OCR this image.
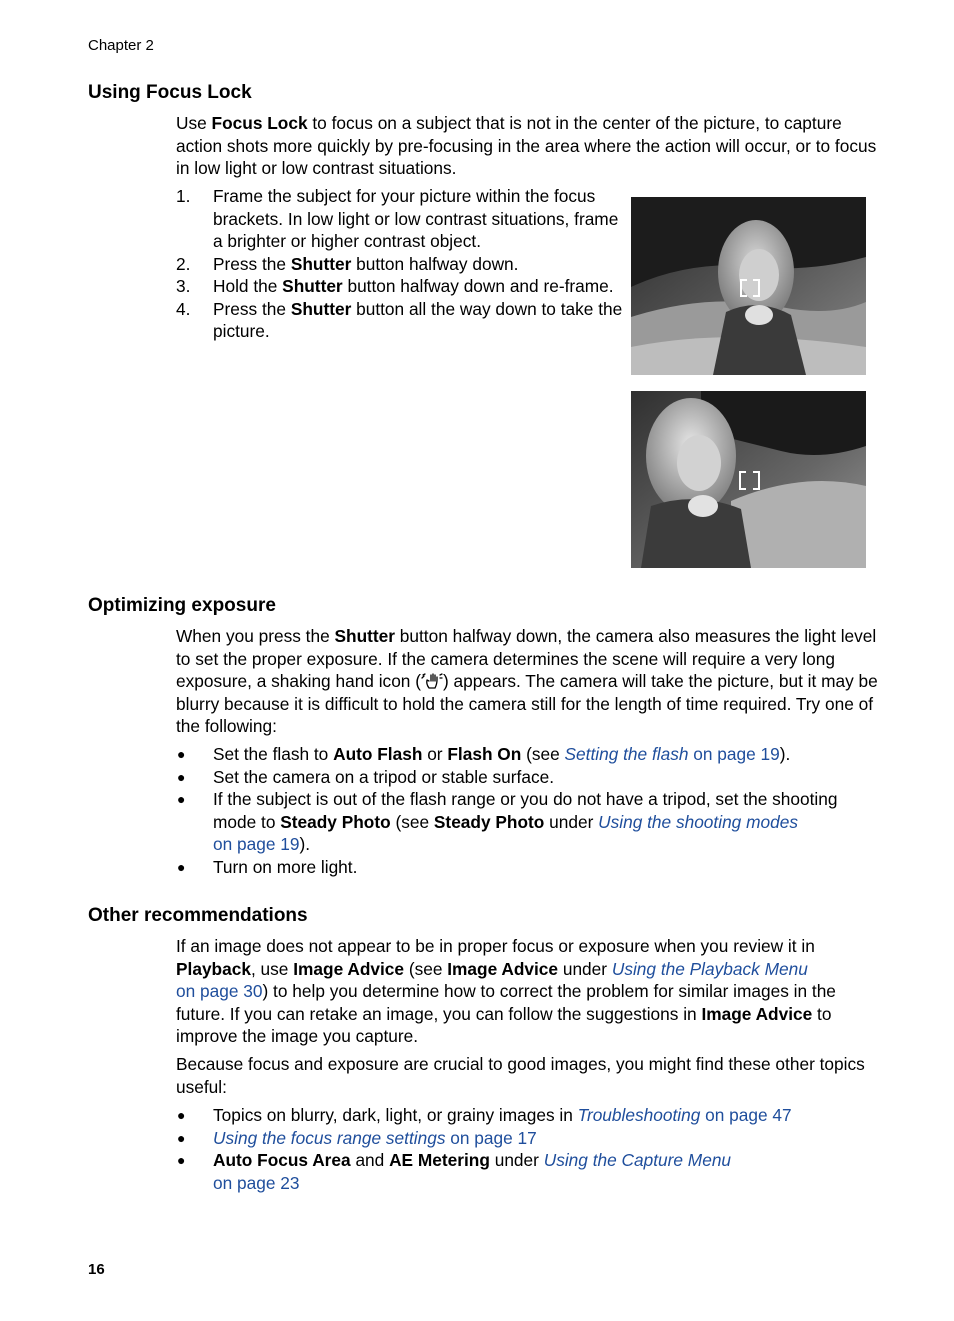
Chapter 2
Using Focus Lock

Use Focus Lock to focus on a subject that is not in the center of the picture, to capture action shots more quickly by pre-focusing in the area where the action will occur, or to focus in low light or low contrast situations.

1. Frame the subject for your picture within the focus brackets. In low light or low contrast situations, frame a brighter or higher contrast object.
2. Press the Shutter button halfway down.
3. Hold the Shutter button halfway down and re-frame.
4. Press the Shutter button all the way down to take the picture.
Optimizing exposure

When you press the Shutter button halfway down, the camera also measures the light level to set the proper exposure. If the camera determines the scene will require a very long exposure, a shaking hand icon ( ) appears. The camera will take the picture, but it may be blurry because it is difficult to hold the camera still for the length of time required. Try one of the following:

● Set the flash to Auto Flash or Flash On (see Setting the flash on page 19).
● Set the camera on a tripod or stable surface.
● If the subject is out of the flash range or you do not have a tripod, set the shooting mode to Steady Photo (see Steady Photo under Using the shooting modes
on page 19).
● Turn on more light.
Other recommendations

If an image does not appear to be in proper focus or exposure when you review it in Playback, use Image Advice (see Image Advice under Using the Playback Menu
on page 30) to help you determine how to correct the problem for similar images in the future. If you can retake an image, you can follow the suggestions in Image Advice to improve the image you capture.

Because focus and exposure are crucial to good images, you might find these other topics useful:

● Topics on blurry, dark, light, or grainy images in Troubleshooting on page 47
● Using the focus range settings on page 17
● Auto Focus Area and AE Metering under Using the Capture Menu
on page 23
16
